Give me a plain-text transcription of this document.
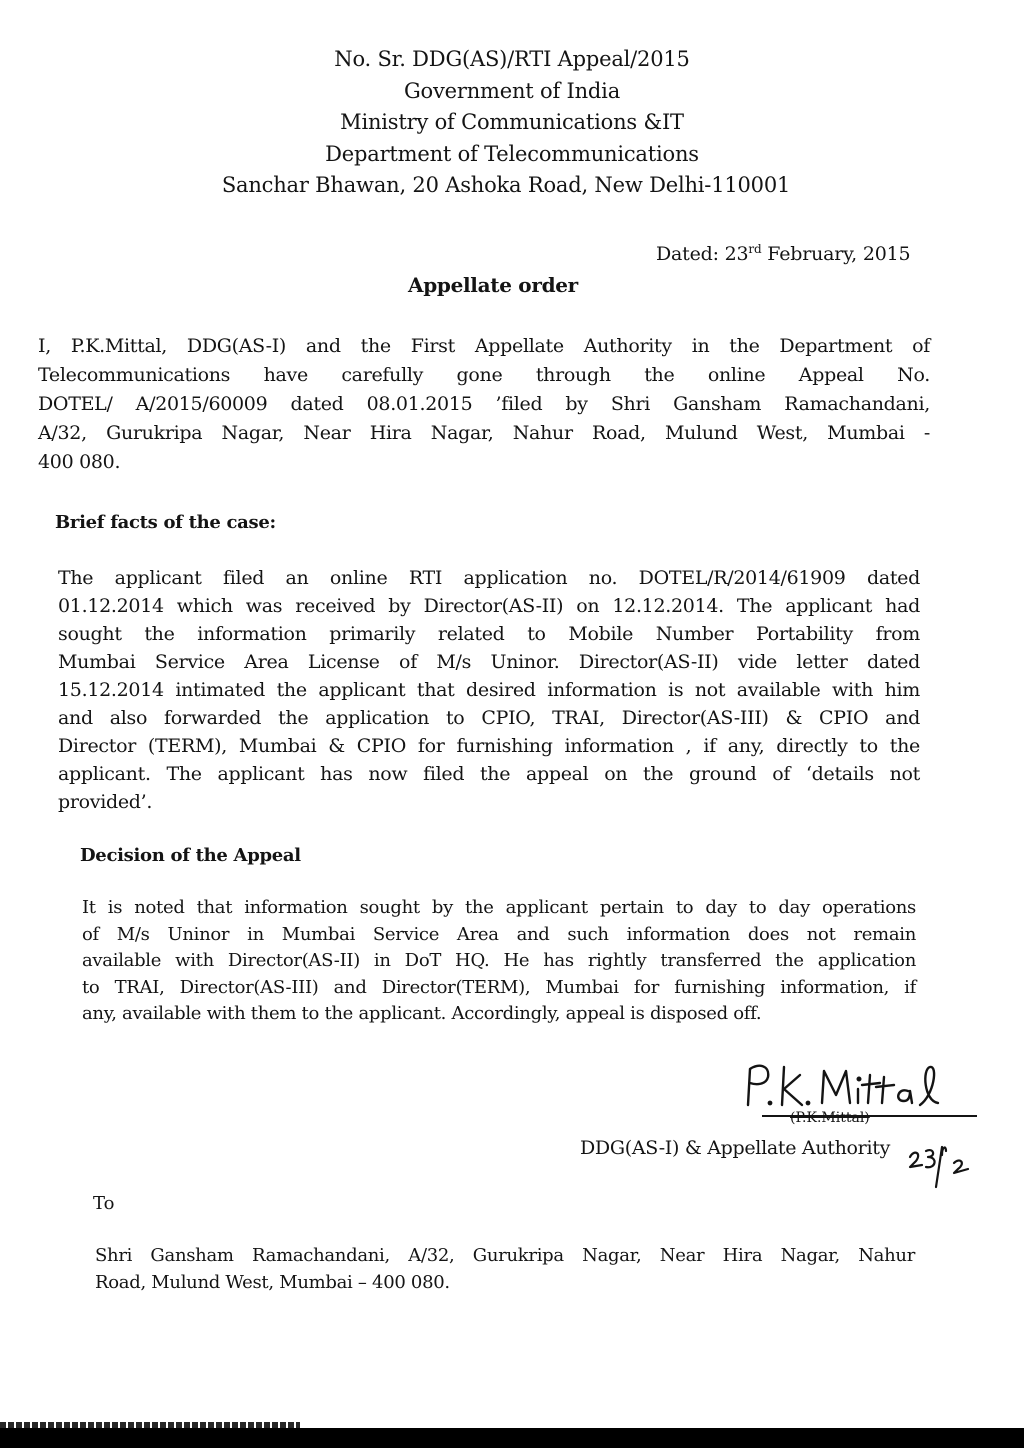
No. Sr. DDG(AS)/RTI Appeal/2015
Government of India
Ministry of Communications &IT
Department of Telecommunications
Sanchar Bhawan, 20 Ashoka Road, New Delhi-110001
Dated: 23rd February, 2015
Appellate order
I, P.K.Mittal, DDG(AS-I) and the First Appellate Authority in the Department of
Telecommunications have carefully gone through the online Appeal No.
DOTEL/ A/2015/60009 dated 08.01.2015 ’filed by Shri Gansham Ramachandani,
A/32, Gurukripa Nagar, Near Hira Nagar, Nahur Road, Mulund West, Mumbai -
400 080.
Brief facts of the case:
The applicant filed an online RTI application no. DOTEL/R/2014/61909 dated
01.12.2014 which was received by Director(AS-II) on 12.12.2014. The applicant had
sought the information primarily related to Mobile Number Portability from
Mumbai Service Area License of M/s Uninor. Director(AS-II) vide letter dated
15.12.2014 intimated the applicant that desired information is not available with him
and also forwarded the application to CPIO, TRAI, Director(AS-III) & CPIO and
Director (TERM), Mumbai & CPIO for furnishing information , if any, directly to the
applicant. The applicant has now filed the appeal on the ground of ‘details not
provided’.
Decision of the Appeal
It is noted that information sought by the applicant pertain to day to day operations
of M/s Uninor in Mumbai Service Area and such information does not remain
available with Director(AS-II) in DoT HQ. He has rightly transferred the application
to TRAI, Director(AS-III) and Director(TERM), Mumbai for furnishing information, if
any, available with them to the applicant. Accordingly, appeal is disposed off.
(P.K.Mittal)
DDG(AS-I) & Appellate Authority
To
Shri Gansham Ramachandani, A/32, Gurukripa Nagar, Near Hira Nagar, Nahur
Road, Mulund West, Mumbai – 400 080.
